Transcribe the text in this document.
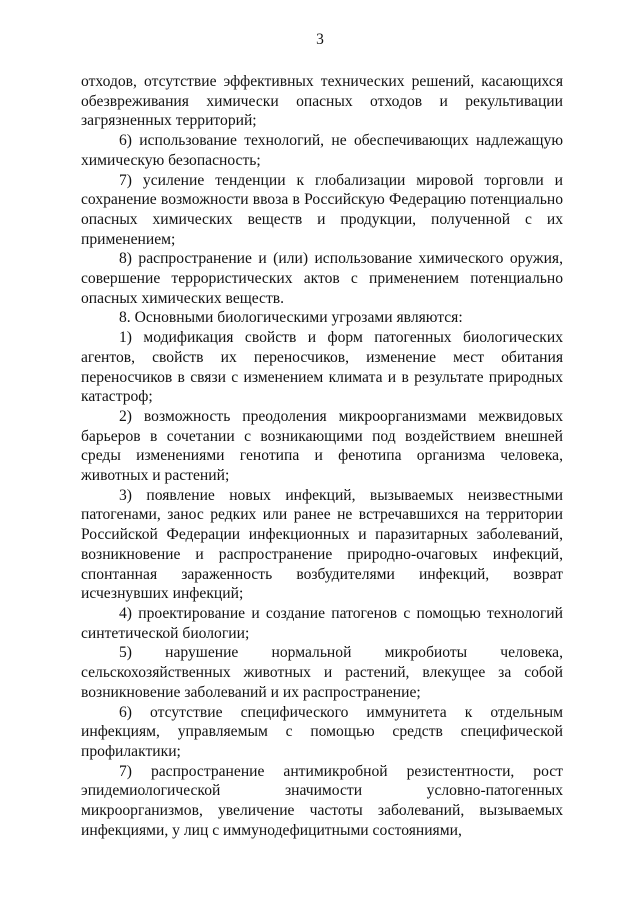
3

отходов, отсутствие эффективных технических решений, касающихся обезвреживания химически опасных отходов и рекультивации загрязненных территорий;

6) использование технологий, не обеспечивающих надлежащую химическую безопасность;

7) усиление тенденции к глобализации мировой торговли и сохранение возможности ввоза в Российскую Федерацию потенциально опасных химических веществ и продукции, полученной с их применением;

8) распространение и (или) использование химического оружия, совершение террористических актов с применением потенциально опасных химических веществ.

8. Основными биологическими угрозами являются:

1) модификация свойств и форм патогенных биологических агентов, свойств их переносчиков, изменение мест обитания переносчиков в связи с изменением климата и в результате природных катастроф;

2) возможность преодоления микроорганизмами межвидовых барьеров в сочетании с возникающими под воздействием внешней среды изменениями генотипа и фенотипа организма человека, животных и растений;

3) появление новых инфекций, вызываемых неизвестными патогенами, занос редких или ранее не встречавшихся на территории Российской Федерации инфекционных и паразитарных заболеваний, возникновение и распространение природно-очаговых инфекций, спонтанная зараженность возбудителями инфекций, возврат исчезнувших инфекций;

4) проектирование и создание патогенов с помощью технологий синтетической биологии;

5) нарушение нормальной микробиоты человека, сельскохозяйственных животных и растений, влекущее за собой возникновение заболеваний и их распространение;

6) отсутствие специфического иммунитета к отдельным инфекциям, управляемым с помощью средств специфической профилактики;

7) распространение антимикробной резистентности, рост эпидемиологической значимости условно-патогенных микроорганизмов, увеличение частоты заболеваний, вызываемых инфекциями, у лиц с иммунодефицитными состояниями,
